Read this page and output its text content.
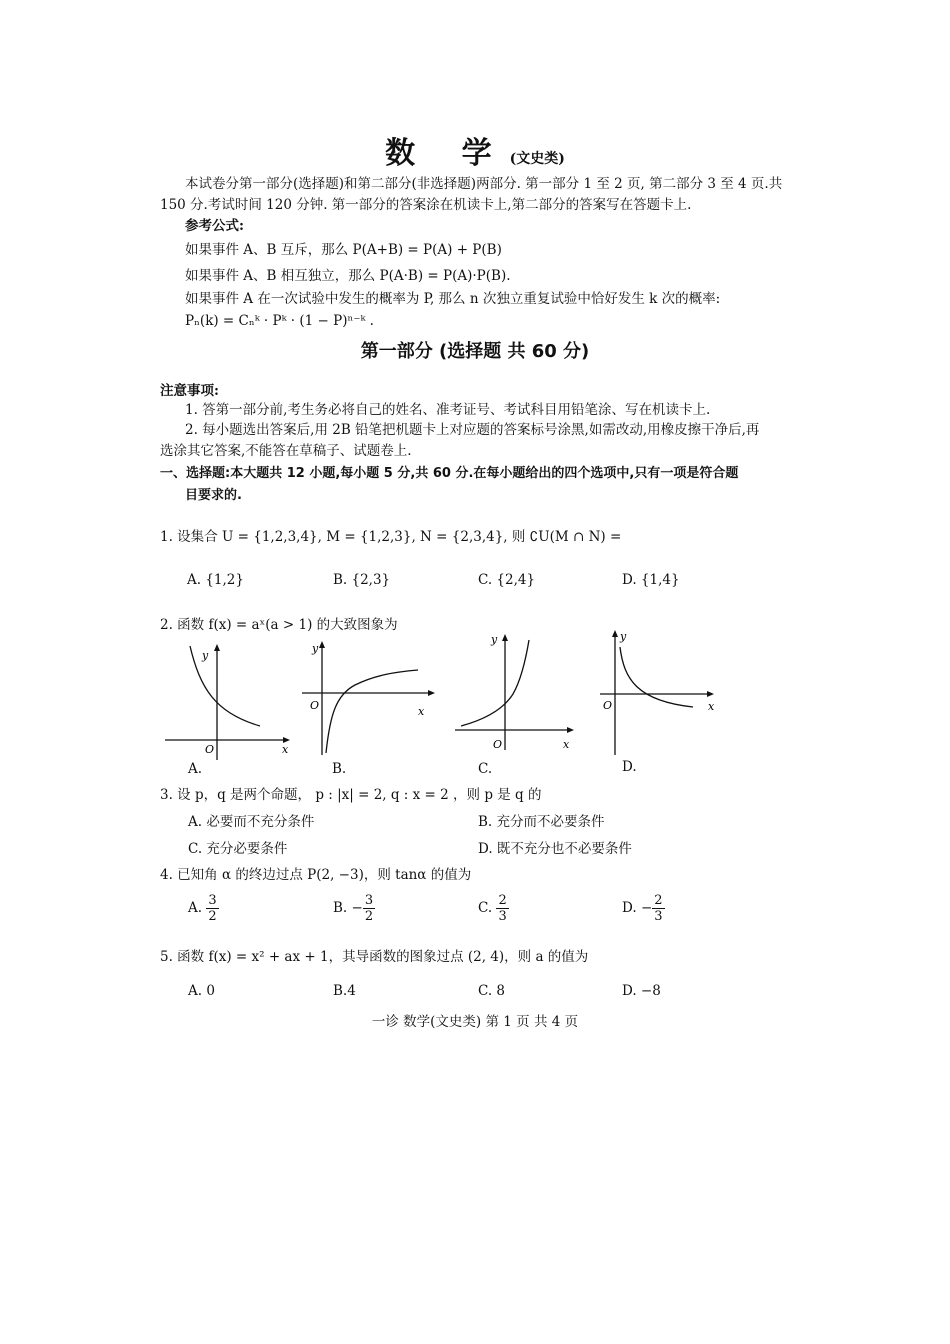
数 学(文史类)
本试卷分第一部分(选择题)和第二部分(非选择题)两部分. 第一部分 1 至 2 页, 第二部分 3 至 4 页.共
150 分.考试时间 120 分钟. 第一部分的答案涂在机读卡上,第二部分的答案写在答题卡上.
参考公式:
如果事件 A、B 互斥，那么 P(A+B) = P(A) + P(B)
如果事件 A、B 相互独立，那么 P(A·B) = P(A)·P(B).
如果事件 A 在一次试验中发生的概率为 P, 那么 n 次独立重复试验中恰好发生 k 次的概率:
Pₙ(k) = Cₙᵏ · Pᵏ · (1 − P)ⁿ⁻ᵏ .
第一部分 (选择题 共 60 分)
注意事项:
1. 答第一部分前,考生务必将自己的姓名、准考证号、考试科目用铅笔涂、写在机读卡上.
2. 每小题选出答案后,用 2B 铅笔把机题卡上对应题的答案标号涂黑,如需改动,用橡皮擦干净后,再
选涂其它答案,不能答在草稿子、试题卷上.
一、选择题:本大题共 12 小题,每小题 5 分,共 60 分.在每小题给出的四个选项中,只有一项是符合题
目要求的.
1. 设集合 U = {1,2,3,4}, M = {1,2,3}, N = {2,3,4}, 则 ∁U(M ∩ N) =
A. {1,2}	B. {2,3}	C. {2,4}	D. {1,4}
2. 函数 f(x) = aˣ(a > 1) 的大致图象为
y
O	x
A.
y
O	x
B.
y
O	x
C.
y
O	x
D.
3. 设 p，q 是两个命题， p : |x| = 2, q : x = 2 ，则 p 是 q 的
A. 必要而不充分条件	B. 充分而不必要条件
C. 充分必要条件	D. 既不充分也不必要条件
4. 已知角 α 的终边过点 P(2, −3)，则 tanα 的值为
A. $\frac{3}{2}$	B. − $\frac{3}{2}$	C. $\frac{2}{3}$	D. − $\frac{2}{3}$
5. 函数 f(x) = x² + ax + 1，其导函数的图象过点 (2, 4)，则 a 的值为
A. 0	B.4	C. 8	D. −8
一诊 数学(文史类) 第 1 页 共 4 页
